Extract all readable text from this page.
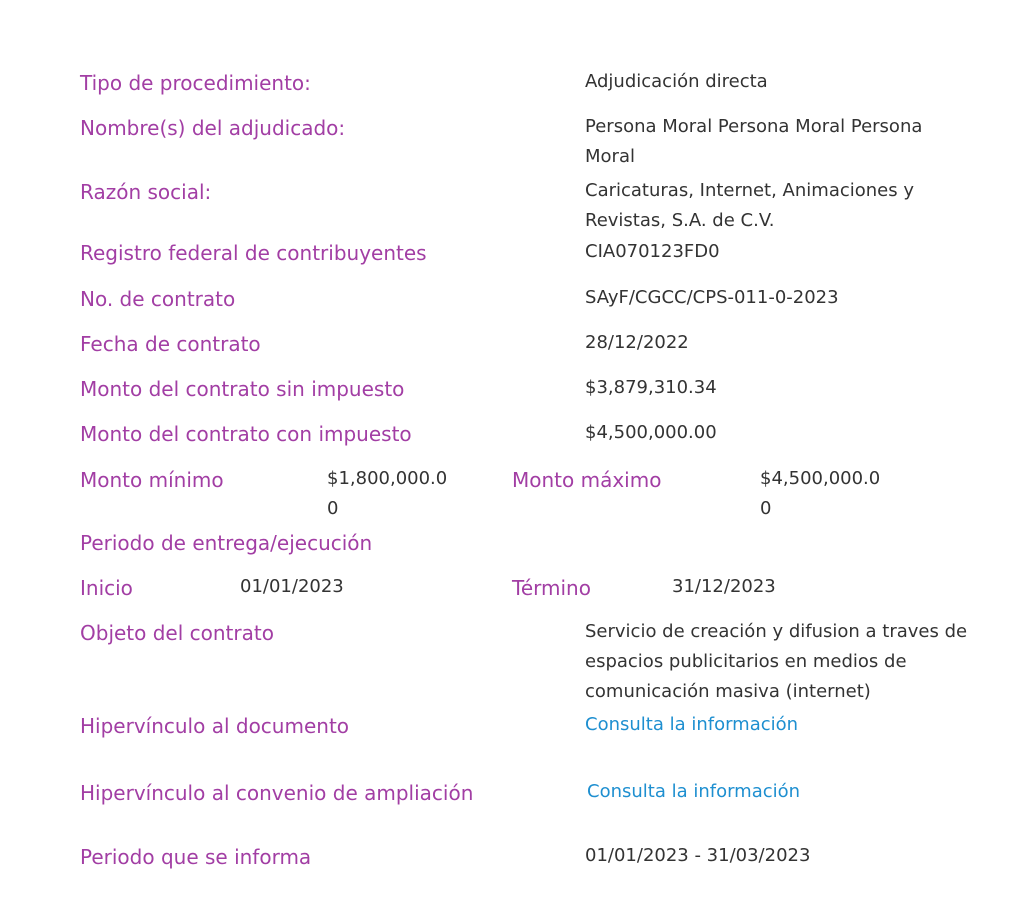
Tipo de procedimiento:	Adjudicación directa
Nombre(s) del adjudicado:	Persona Moral Persona Moral Persona Moral
Razón social:	Caricaturas, Internet, Animaciones y Revistas, S.A. de C.V.
Registro federal de contribuyentes	CIA070123FD0
No. de contrato	SAyF/CGCC/CPS-011-0-2023
Fecha de contrato	28/12/2022
Monto del contrato sin impuesto	$3,879,310.34
Monto del contrato con impuesto	$4,500,000.00
Monto mínimo	$1,800,000.00
Monto máximo	$4,500,000.00
Periodo de entrega/ejecución
Inicio	01/01/2023	Término	31/12/2023
Objeto del contrato	Servicio de creación y difusion a traves de espacios publicitarios en medios de comunicación masiva (internet)
Hipervínculo al documento	Consulta la información
Hipervínculo al convenio de ampliación	Consulta la información
Periodo que se informa	01/01/2023 - 31/03/2023
